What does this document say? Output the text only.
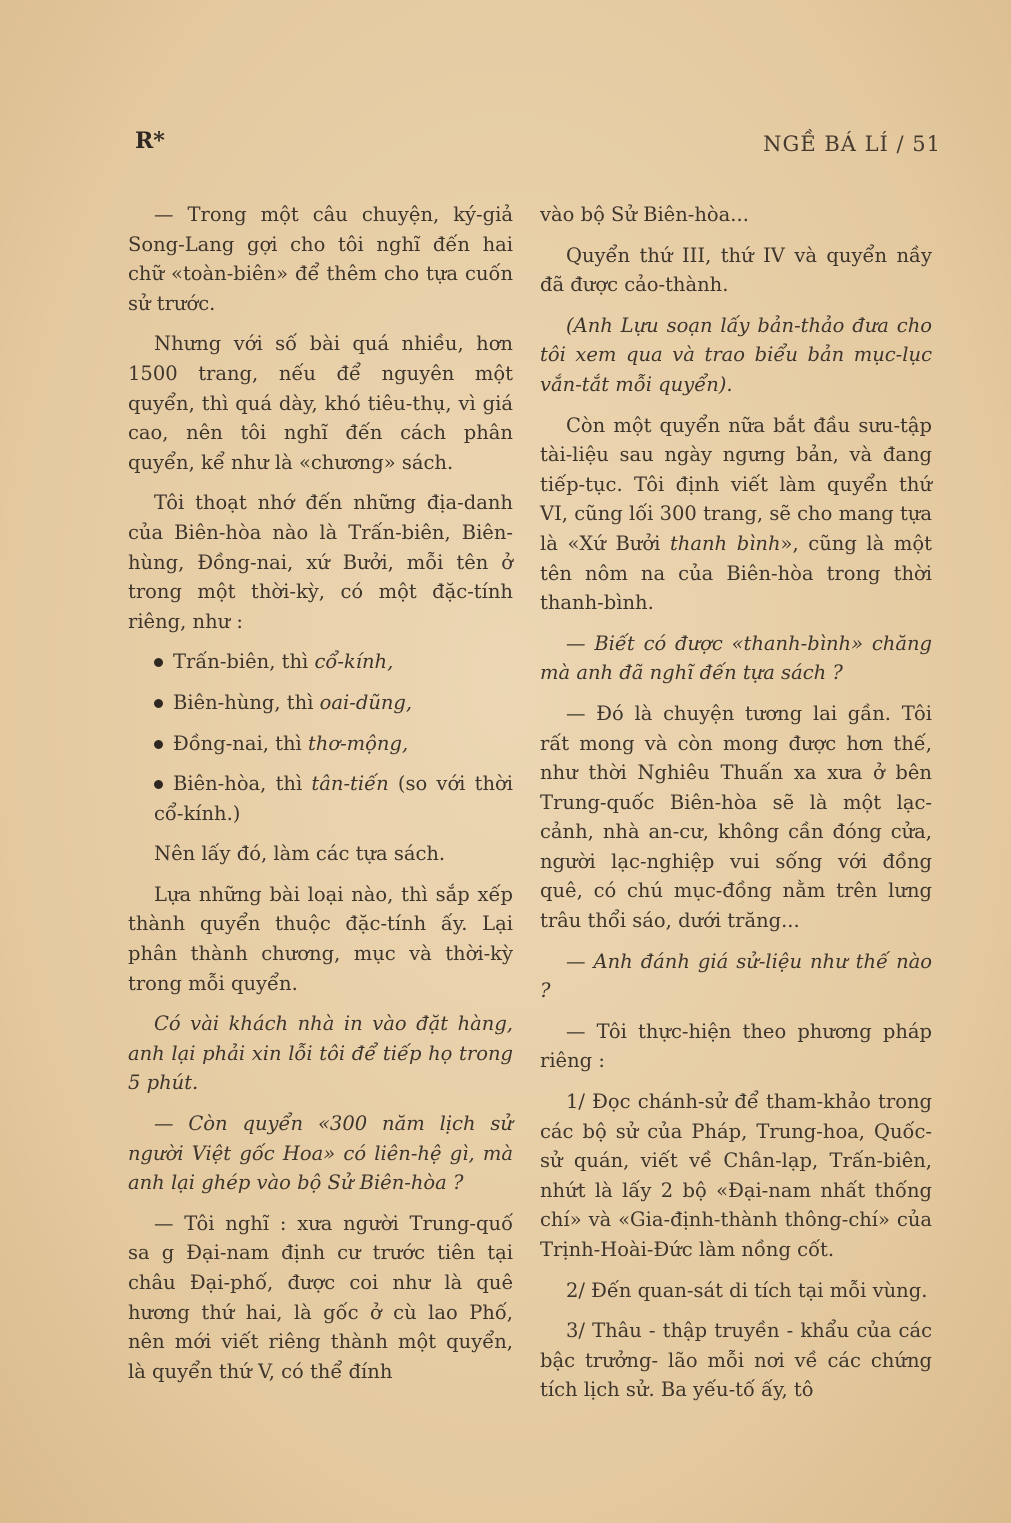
R*	NGỀ BÁ LÍ / 51

— Trong một câu chuyện, ký-giả Song-Lang gợi cho tôi nghĩ đến hai chữ «toàn-biên» để thêm cho tựa cuốn sử trước.

Nhưng với số bài quá nhiều, hơn 1500 trang, nếu để nguyên một quyển, thì quá dày, khó tiêu-thụ, vì giá cao, nên tôi nghĩ đến cách phân quyển, kể như là «chương» sách.

Tôi thoạt nhớ đến những địa-danh của Biên-hòa nào là Trấn-biên, Biên-hùng, Đồng-nai, xứ Bưởi, mỗi tên ở trong một thời-kỳ, có một đặc-tính riêng, như :

Trấn-biên, thì cổ-kính,

Biên-hùng, thì oai-dũng,

Đồng-nai, thì thơ-mộng,

Biên-hòa, thì tân-tiến (so với thời cổ-kính.)

Nên lấy đó, làm các tựa sách.

Lựa những bài loại nào, thì sắp xếp thành quyển thuộc đặc-tính ấy. Lại phân thành chương, mục và thời-kỳ trong mỗi quyển.

Có vài khách nhà in vào đặt hàng, anh lại phải xin lỗi tôi để tiếp họ trong 5 phút.

— Còn quyển «300 năm lịch sử người Việt gốc Hoa» có liên-hệ gì, mà anh lại ghép vào bộ Sử Biên-hòa ?

— Tôi nghĩ : xưa người Trung-quố sa g Đại-nam định cư trước tiên tại châu Đại-phố, được coi như là quê hương thứ hai, là gốc ở cù lao Phố, nên mới viết riêng thành một quyển, là quyển thứ V, có thể đính

vào bộ Sử Biên-hòa...

Quyển thứ III, thứ IV và quyển nầy đã được cảo-thành.

(Anh Lựu soạn lấy bản-thảo đưa cho tôi xem qua và trao biểu bản mục-lục vắn-tắt mỗi quyển).

Còn một quyển nữa bắt đầu sưu-tập tài-liệu sau ngày ngưng bản, và đang tiếp-tục. Tôi định viết làm quyển thứ VI, cũng lối 300 trang, sẽ cho mang tựa là «Xứ Bưởi thanh bình», cũng là một tên nôm na của Biên-hòa trong thời thanh-bình.

— Biết có được «thanh-bình» chăng mà anh đã nghĩ đến tựa sách ?

— Đó là chuyện tương lai gần. Tôi rất mong và còn mong được hơn thế, như thời Nghiêu Thuấn xa xưa ở bên Trung-quốc Biên-hòa sẽ là một lạc-cảnh, nhà an-cư, không cần đóng cửa, người lạc-nghiệp vui sống với đồng quê, có chú mục-đồng nằm trên lưng trâu thổi sáo, dưới trăng...

— Anh đánh giá sử-liệu như thế nào ?

— Tôi thực-hiện theo phương pháp riêng :

1/ Đọc chánh-sử để tham-khảo trong các bộ sử của Pháp, Trung-hoa, Quốc-sử quán, viết về Chân-lạp, Trấn-biên, nhứt là lấy 2 bộ «Đại-nam nhất thống chí» và «Gia-định-thành thông-chí» của Trịnh-Hoài-Đức làm nồng cốt.

2/ Đến quan-sát di tích tại mỗi vùng.

3/ Thâu - thập truyền - khẩu của các bậc trưởng- lão mỗi nơi về các chứng tích lịch sử. Ba yếu-tố ấy, tô
